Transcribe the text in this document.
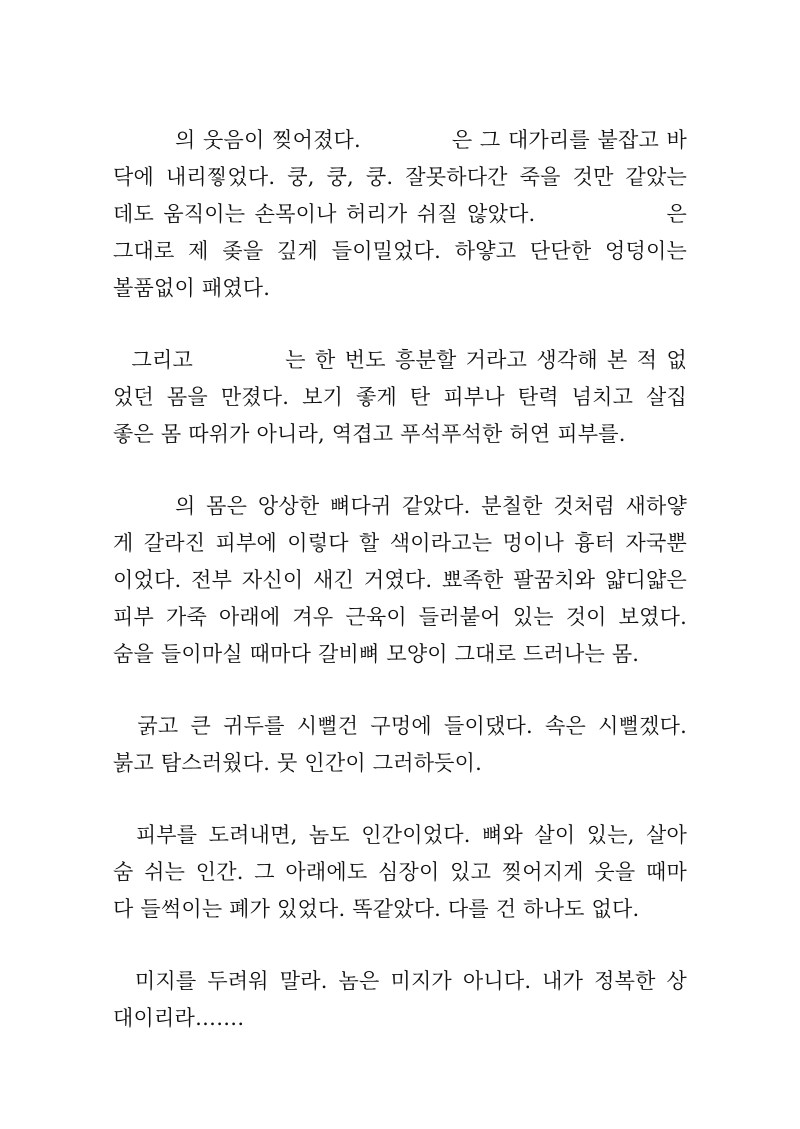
의 웃음이 찢어졌다.            은 그 대가리를 붙잡고 바
닥에 내리찧었다. 쿵, 쿵, 쿵. 잘못하다간 죽을 것만 같았는
데도 움직이는 손목이나 허리가 쉬질 않았다.              은
그대로 제 좆을 깊게 들이밀었다. 하얗고 단단한 엉덩이는
볼품없이 패였다.
그리고          는 한 번도 흥분할 거라고 생각해 본 적 없
었던 몸을 만졌다. 보기 좋게 탄 피부나 탄력 넘치고 살집
좋은 몸 따위가 아니라, 역겹고 푸석푸석한 허연 피부를.
의 몸은 앙상한 뼈다귀 같았다. 분칠한 것처럼 새하얗
게 갈라진 피부에 이렇다 할 색이라고는 멍이나 흉터 자국뿐
이었다. 전부 자신이 새긴 거였다. 뾰족한 팔꿈치와 얇디얇은
피부 가죽 아래에 겨우 근육이 들러붙어 있는 것이 보였다.
숨을 들이마실 때마다 갈비뼈 모양이 그대로 드러나는 몸.
굵고 큰 귀두를 시뻘건 구멍에 들이댔다. 속은 시뻘겠다.
붉고 탐스러웠다. 뭇 인간이 그러하듯이.
피부를 도려내면, 놈도 인간이었다. 뼈와 살이 있는, 살아
숨 쉬는 인간. 그 아래에도 심장이 있고 찢어지게 웃을 때마
다 들썩이는 폐가 있었다. 똑같았다. 다를 건 하나도 없다.
미지를 두려워 말라. 놈은 미지가 아니다. 내가 정복한 상
대이리라…….
